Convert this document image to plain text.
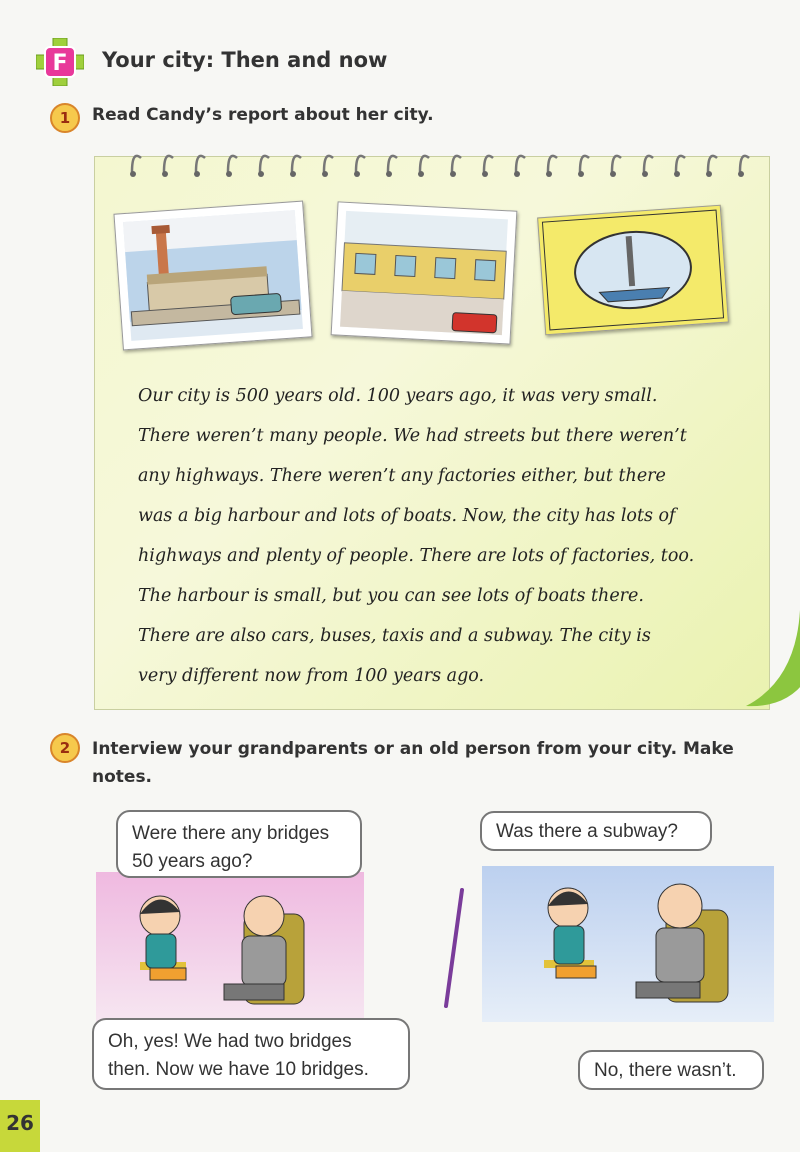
F Your city: Then and now
1	Read Candy’s report about her city.
Our city is 500 years old. 100 years ago, it was very small.
There weren’t many people. We had streets but there weren’t
any highways. There weren’t any factories either, but there
was a big harbour and lots of boats. Now, the city has lots of
highways and plenty of people. There are lots of factories, too.
The harbour is small, but you can see lots of boats there.
There are also cars, buses, taxis and a subway. The city is
very different now from 100 years ago.
2	Interview your grandparents or an old person from your city. Make notes.
Were there any bridges 50 years ago?
Oh, yes! We had two bridges then. Now we have 10 bridges.
Was there a subway?
No, there wasn’t.
26
